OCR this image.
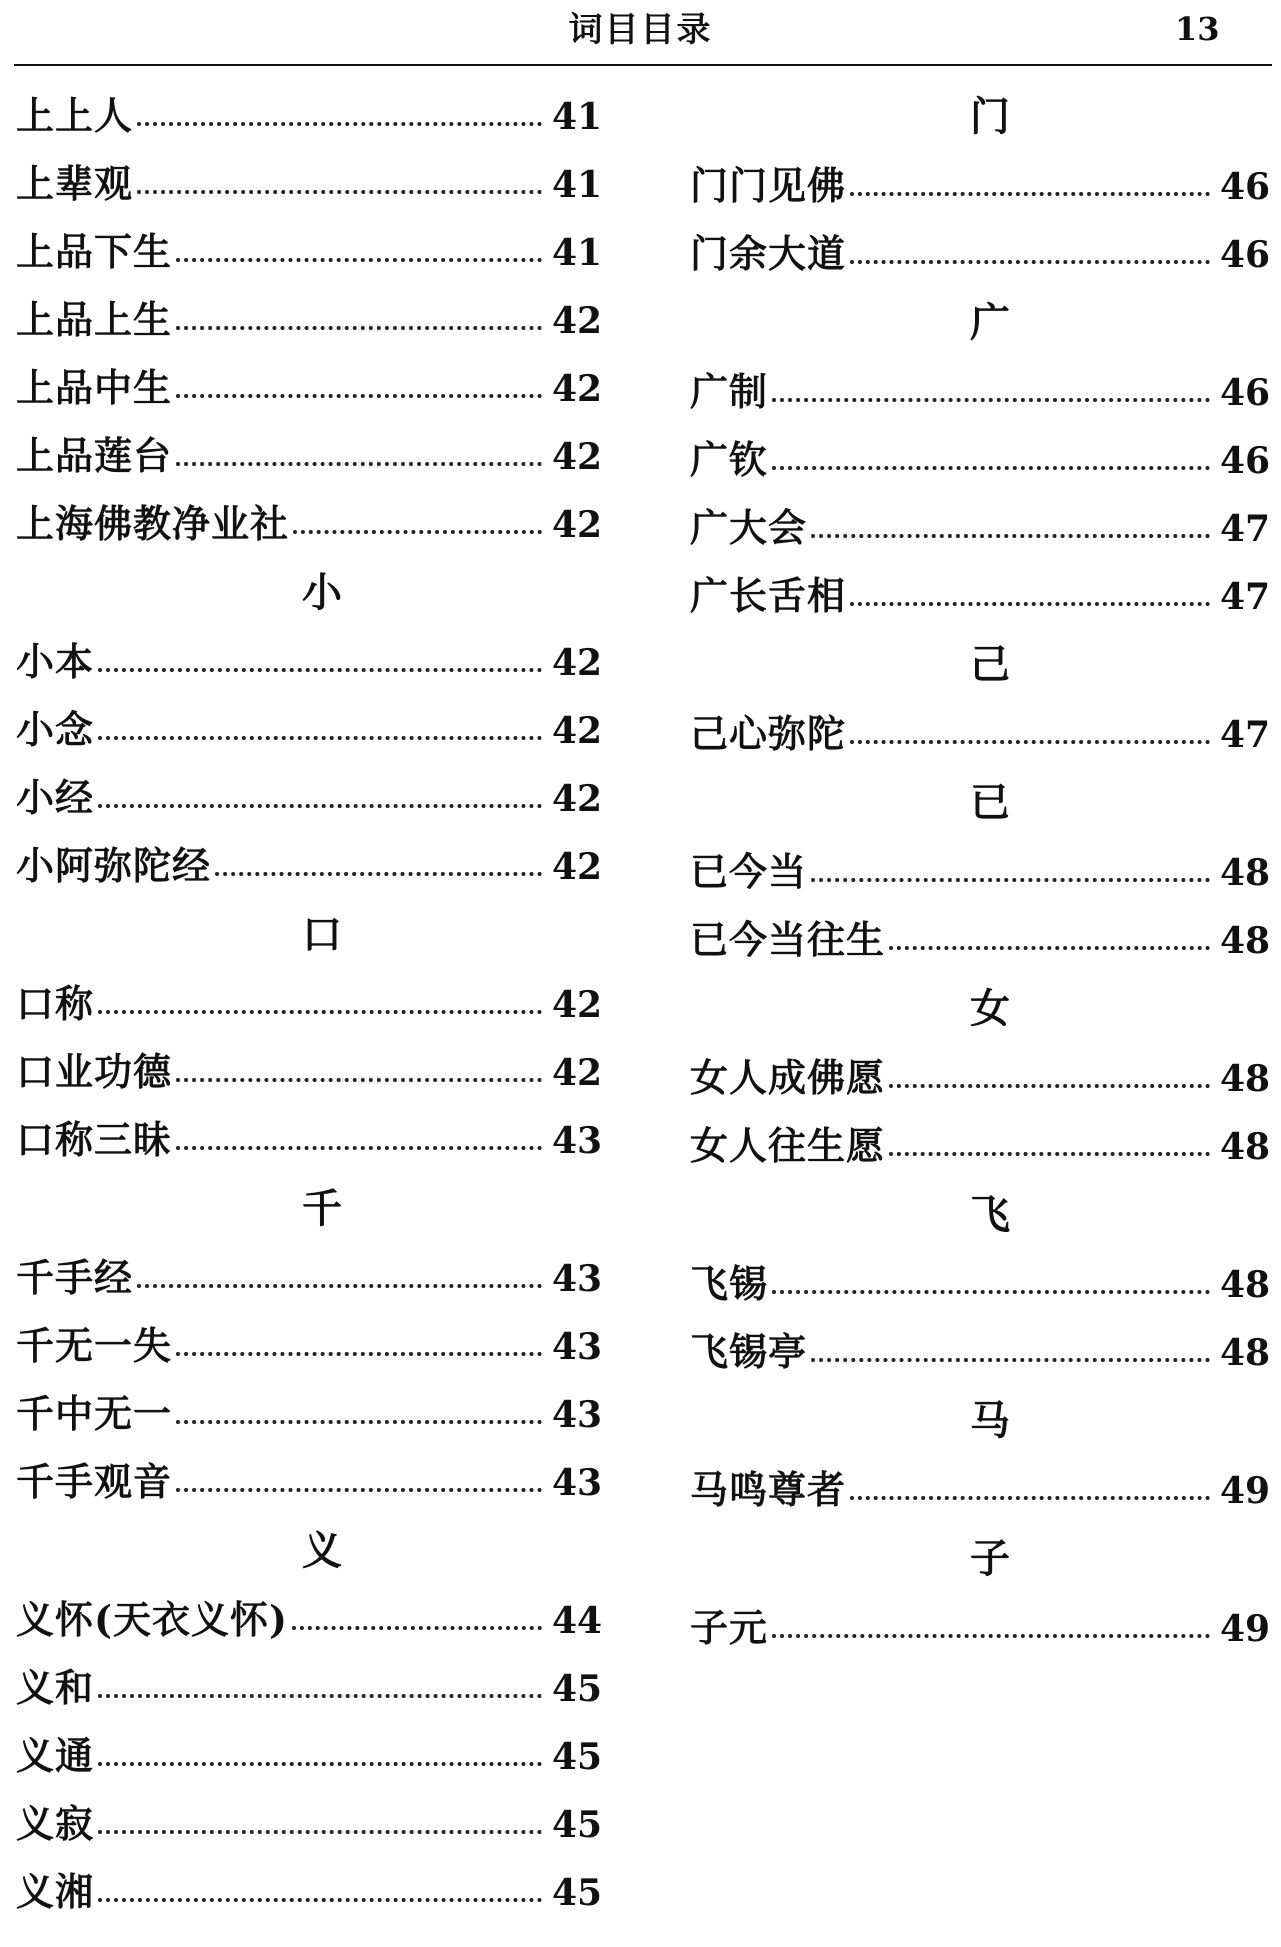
词目目录	13
上上人	41
上辈观	41
上品下生	41
上品上生	42
上品中生	42
上品莲台	42
上海佛教净业社	42
小
小本	42
小念	42
小经	42
小阿弥陀经	42
口
口称	42
口业功德	42
口称三昧	43
千
千手经	43
千无一失	43
千中无一	43
千手观音	43
义
义怀(天衣义怀)	44
义和	45
义通	45
义寂	45
义湘	45
门
门门见佛	46
门余大道	46
广
广制	46
广钦	46
广大会	47
广长舌相	47
己
己心弥陀	47
已
已今当	48
已今当往生	48
女
女人成佛愿	48
女人往生愿	48
飞
飞锡	48
飞锡亭	48
马
马鸣尊者	49
子
子元	49
